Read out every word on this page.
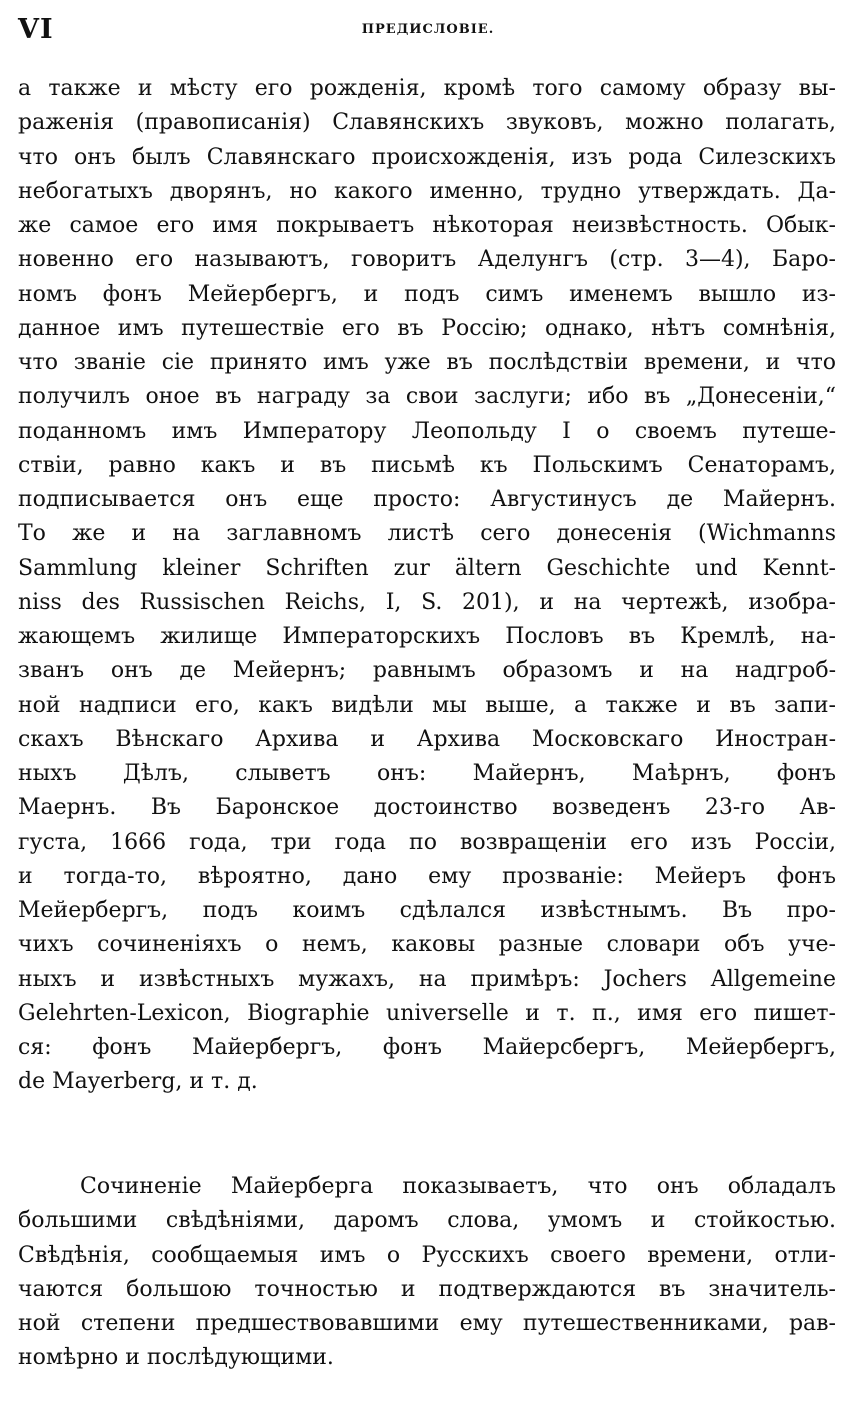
VI	ПРЕДИСЛОВІЕ.
а также и мѣсту его рожденія, кромѣ того самому образу вы-
раженія (правописанія) Славянскихъ звуковъ, можно полагать,
что онъ былъ Славянскаго происхожденія, изъ рода Силезскихъ
небогатыхъ дворянъ, но какого именно, трудно утверждать. Да-
же самое его имя покрываетъ нѣкоторая неизвѣстность. Обык-
новенно его называютъ, говоритъ Аделунгъ (стр. 3—4), Баро-
номъ фонъ Мейербергъ, и подъ симъ именемъ вышло из-
данное имъ путешествіе его въ Россію; однако, нѣтъ сомнѣнія,
что званіе сіе принято имъ уже въ послѣдствіи времени, и что
получилъ оное въ награду за свои заслуги; ибо въ „Донесеніи,“
поданномъ имъ Императору Леопольду I о своемъ путеше-
ствіи, равно какъ и въ письмѣ къ Польскимъ Сенаторамъ,
подписывается онъ еще просто: Августинусъ де Майернъ.
То же и на заглавномъ листѣ сего донесенія (Wichmanns
Sammlung kleiner Schriften zur ältern Geschichte und Kennt-
niss des Russischen Reichs, I, S. 201), и на чертежѣ, изобра-
жающемъ жилище Императорскихъ Пословъ въ Кремлѣ, на-
званъ онъ де Мейернъ; равнымъ образомъ и на надгроб-
ной надписи его, какъ видѣли мы выше, а также и въ запи-
скахъ Вѣнскаго Архива и Архива Московскаго Иностран-
ныхъ Дѣлъ, слыветъ онъ: Майернъ, Маѣрнъ, фонъ
Маернъ. Въ Баронское достоинство возведенъ 23-го Ав-
густа, 1666 года, три года по возвращеніи его изъ Россіи,
и тогда-то, вѣроятно, дано ему прозваніе: Мейеръ фонъ
Мейербергъ, подъ коимъ сдѣлался извѣстнымъ. Въ про-
чихъ сочиненіяхъ о немъ, каковы разные словари объ уче-
ныхъ и извѣстныхъ мужахъ, на примѣръ: Jochers Allgemeine
Gelehrten-Lexicon, Biographie universelle и т. п., имя его пишет-
ся: фонъ Майербергъ, фонъ Майерсбергъ, Мейербергъ,
de Mayerberg, и т. д.
Сочиненіе Майерберга показываетъ, что онъ обладалъ
большими свѣдѣніями, даромъ слова, умомъ и стойкостью.
Свѣдѣнія, сообщаемыя имъ о Русскихъ своего времени, отли-
чаются большою точностью и подтверждаются въ значитель-
ной степени предшествовавшими ему путешественниками, рав-
номѣрно и послѣдующими.
